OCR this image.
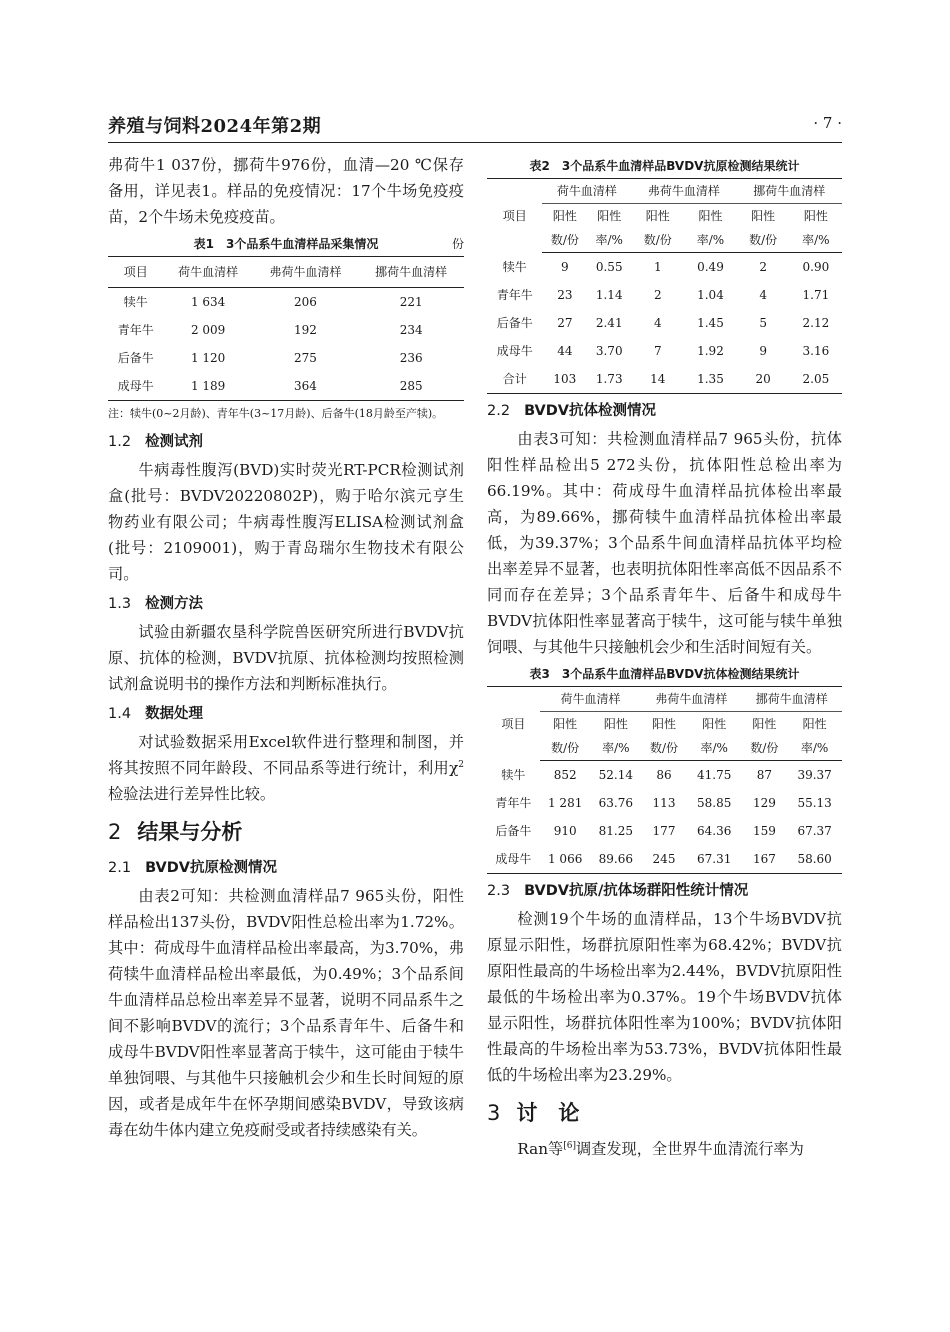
养殖与饲料2024年第2期	· 7 ·

弗荷牛1 037份，挪荷牛976份，血清—20 ℃保存备用，详见表1。样品的免疫情况：17个牛场免疫疫苗，2个牛场未免疫疫苗。

表1　3个品系牛血清样品采集情况	份
项目	荷牛血清样	弗荷牛血清样	挪荷牛血清样
犊牛	1 634	206	221
青年牛	2 009	192	234
后备牛	1 120	275	236
成母牛	1 189	364	285
注：犊牛(0~2月龄)、青年牛(3~17月龄)、后备牛(18月龄至产犊)。
1.2 检测试剂

牛病毒性腹泻(BVD)实时荧光RT-PCR检测试剂盒(批号：BVDV20220802P)，购于哈尔滨元亨生物药业有限公司；牛病毒性腹泻ELISA检测试剂盒(批号：2109001)，购于青岛瑞尔生物技术有限公司。

1.3 检测方法

试验由新疆农垦科学院兽医研究所进行BVDV抗原、抗体的检测，BVDV抗原、抗体检测均按照检测试剂盒说明书的操作方法和判断标准执行。

1.4 数据处理

对试验数据采用Excel软件进行整理和制图，并将其按照不同年龄段、不同品系等进行统计，利用$\chi^2$检验法进行差异性比较。

2 结果与分析
2.1 BVDV抗原检测情况

由表2可知：共检测血清样品7 965头份，阳性样品检出137头份，BVDV阳性总检出率为1.72%。其中：荷成母牛血清样品检出率最高，为3.70%，弗荷犊牛血清样品检出率最低，为0.49%；3个品系间牛血清样品总检出率差异不显著，说明不同品系牛之间不影响BVDV的流行；3个品系青年牛、后备牛和成母牛BVDV阳性率显著高于犊牛，这可能由于犊牛单独饲喂、与其他牛只接触机会少和生长时间短的原因，或者是成年牛在怀孕期间感染BVDV，导致该病毒在幼牛体内建立免疫耐受或者持续感染有关。

表2　3个品系牛血清样品BVDV抗原检测结果统计
项目	荷牛血清样		弗荷牛血清样		挪荷牛血清样	
	阳性	阳性	阳性	阳性	阳性	阳性
	数/份	率/%	数/份	率/%	数/份	率/%
犊牛	9	0.55	1	0.49	2	0.90
青年牛	23	1.14	2	1.04	4	1.71
后备牛	27	2.41	4	1.45	5	2.12
成母牛	44	3.70	7	1.92	9	3.16
合计	103	1.73	14	1.35	20	2.05
2.2 BVDV抗体检测情况

由表3可知：共检测血清样品7 965头份，抗体阳性样品检出5 272头份，抗体阳性总检出率为66.19%。其中：荷成母牛血清样品抗体检出率最高，为89.66%，挪荷犊牛血清样品抗体检出率最低，为39.37%；3个品系牛间血清样品抗体平均检出率差异不显著，也表明抗体阳性率高低不因品系不同而存在差异；3个品系青年牛、后备牛和成母牛BVDV抗体阳性率显著高于犊牛，这可能与犊牛单独饲喂、与其他牛只接触机会少和生活时间短有关。

表3　3个品系牛血清样品BVDV抗体检测结果统计
项目	荷牛血清样		弗荷牛血清样		挪荷牛血清样	
	阳性	阳性	阳性	阳性	阳性	阳性
	数/份	率/%	数/份	率/%	数/份	率/%
犊牛	852	52.14	86	41.75	87	39.37
青年牛	1 281	63.76	113	58.85	129	55.13
后备牛	910	81.25	177	64.36	159	67.37
成母牛	1 066	89.66	245	67.31	167	58.60
2.3 BVDV抗原/抗体场群阳性统计情况

检测19个牛场的血清样品，13个牛场BVDV抗原显示阳性，场群抗原阳性率为68.42%；BVDV抗原阳性最高的牛场检出率为2.44%，BVDV抗原阳性最低的牛场检出率为0.37%。19个牛场BVDV抗体显示阳性，场群抗体阳性率为100%；BVDV抗体阳性最高的牛场检出率为53.73%，BVDV抗体阳性最低的牛场检出率为23.29%。

3 讨　论

Ran等[6]调查发现，全世界牛血清流行率为
